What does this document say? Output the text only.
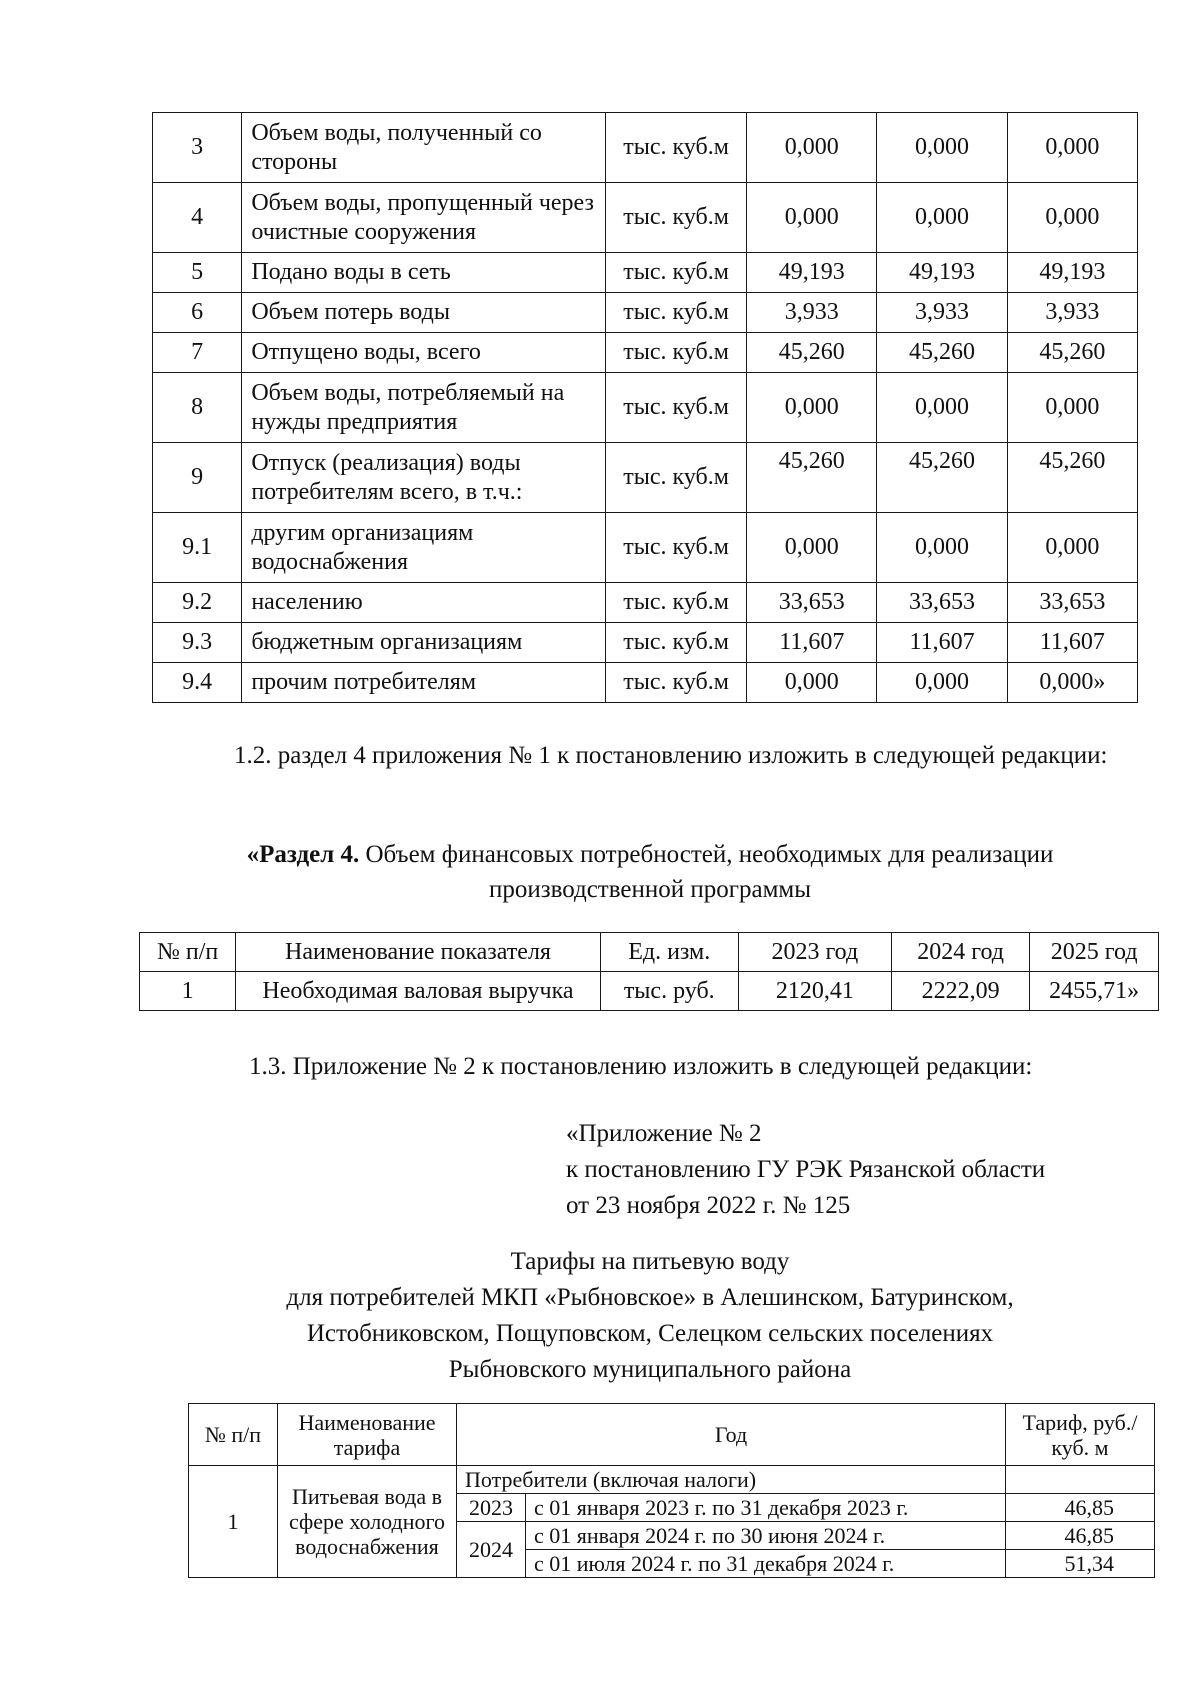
3	Объем воды, полученный со стороны	тыс. куб.м	0,000	0,000	0,000
4	Объем воды, пропущенный через очистные сооружения	тыс. куб.м	0,000	0,000	0,000
5	Подано воды в сеть	тыс. куб.м	49,193	49,193	49,193
6	Объем потерь воды	тыс. куб.м	3,933	3,933	3,933
7	Отпущено воды, всего	тыс. куб.м	45,260	45,260	45,260
8	Объем воды, потребляемый на нужды предприятия	тыс. куб.м	0,000	0,000	0,000
9	Отпуск (реализация) воды потребителям всего, в т.ч.:	тыс. куб.м	45,260	45,260	45,260
9.1	другим организациям водоснабжения	тыс. куб.м	0,000	0,000	0,000
9.2	населению	тыс. куб.м	33,653	33,653	33,653
9.3	бюджетным организациям	тыс. куб.м	11,607	11,607	11,607
9.4	прочим потребителям	тыс. куб.м	0,000	0,000	0,000»

1.2. раздел 4 приложения № 1 к постановлению изложить в следующей редакции:

«Раздел 4. Объем финансовых потребностей, необходимых для реализации
производственной программы
№ п/п	Наименование показателя	Ед. изм.	2023 год	2024 год	2025 год
1	Необходимая валовая выручка	тыс. руб.	2120,41	2222,09	2455,71»

1.3. Приложение № 2 к постановлению изложить в следующей редакции:

«Приложение № 2
к постановлению ГУ РЭК Рязанской области
от 23 ноября 2022 г. № 125
Тарифы на питьевую воду
для потребителей МКП «Рыбновское» в Алешинском, Батуринском,
Истобниковском, Пощуповском, Селецком сельских поселениях
Рыбновского муниципального района
№ п/п	Наименование тарифа	Год		Тариф, руб./куб. м
1	Питьевая вода в сфере холодного водоснабжения	Потребители (включая налоги)		
		2023	с 01 января 2023 г. по 31 декабря 2023 г.	46,85
		2024	с 01 января 2024 г. по 30 июня 2024 г.	46,85
			с 01 июля 2024 г. по 31 декабря 2024 г.	51,34
